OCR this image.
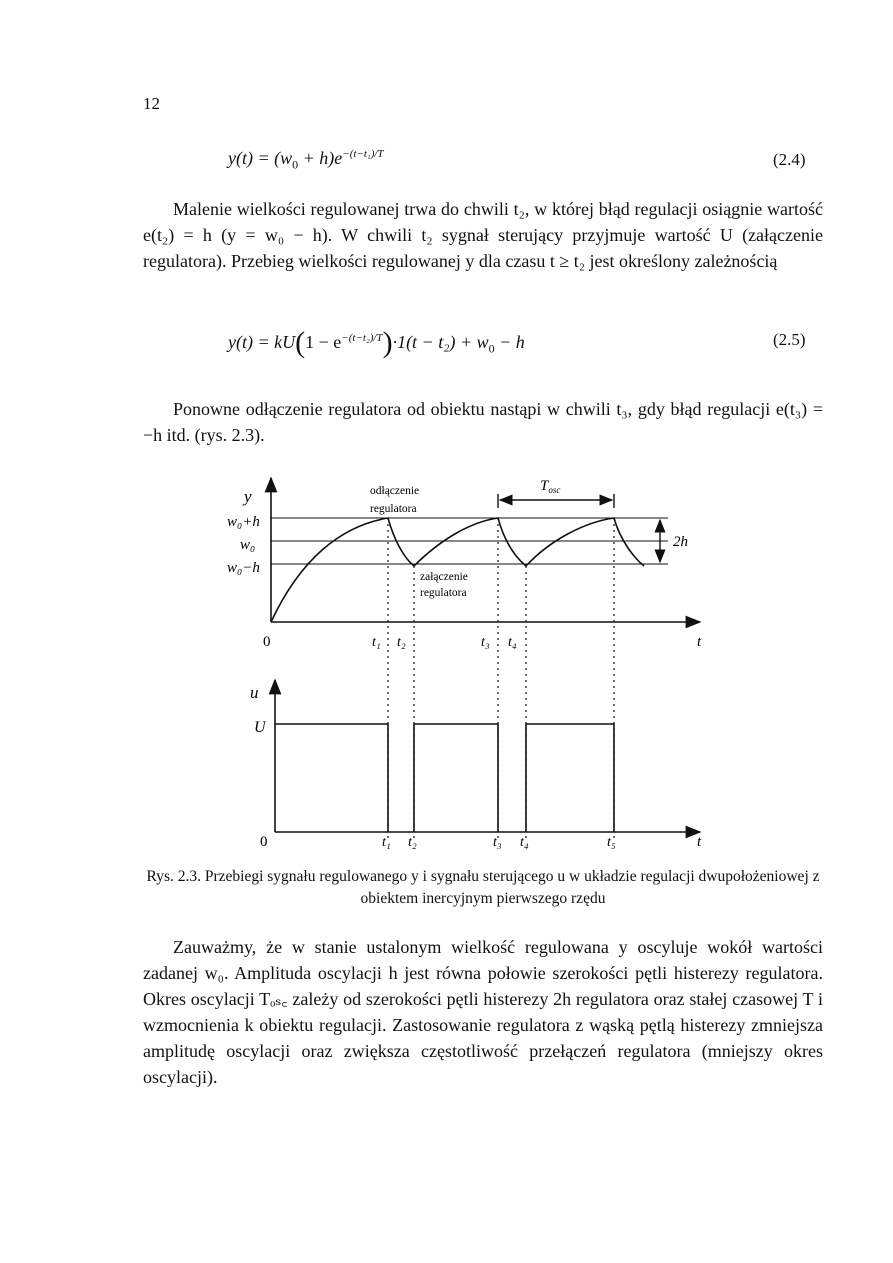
12
$y(t) = (w_0 + h)e^{-(t-t_1)/T}$	(2.4)
Malenie wielkości regulowanej trwa do chwili t₂, w której błąd regulacji osiągnie wartość e(t₂) = h (y = w₀ − h). W chwili t₂ sygnał sterujący przyjmuje wartość U (załączenie regulatora). Przebieg wielkości regulowanej y dla czasu t ≥ t₂ jest określony zależnością
$y(t) = kU(1 - e^{-(t-t_2)/T})\cdot 1(t - t_2) + w_0 - h$	(2.5)
Ponowne odłączenie regulatora od obiektu nastąpi w chwili t₃, gdy błąd regulacji e(t₃) = −h itd. (rys. 2.3).
y
w₀+h
w₀
w₀−h
0	t
t₁ t₂	t₃ t₄
odłączenie
regulatora
załączenie
regulatora
$T_{osc}$
2h
u
U
0	t
t₁ t₂	t₃ t₄	t₅
Rys. 2.3. Przebiegi sygnału regulowanego y i sygnału sterującego u w układzie regulacji dwupołożeniowej z obiektem inercyjnym pierwszego rzędu
Zauważmy, że w stanie ustalonym wielkość regulowana y oscyluje wokół wartości zadanej w₀. Amplituda oscylacji h jest równa połowie szerokości pętli histerezy regulatora. Okres oscylacji Tₒₛ꜀ zależy od szerokości pętli histerezy 2h regulatora oraz stałej czasowej T i wzmocnienia k obiektu regulacji. Zastosowanie regulatora z wąską pętlą histerezy zmniejsza amplitudę oscylacji oraz zwiększa częstotliwość przełączeń regulatora (mniejszy okres oscylacji).
